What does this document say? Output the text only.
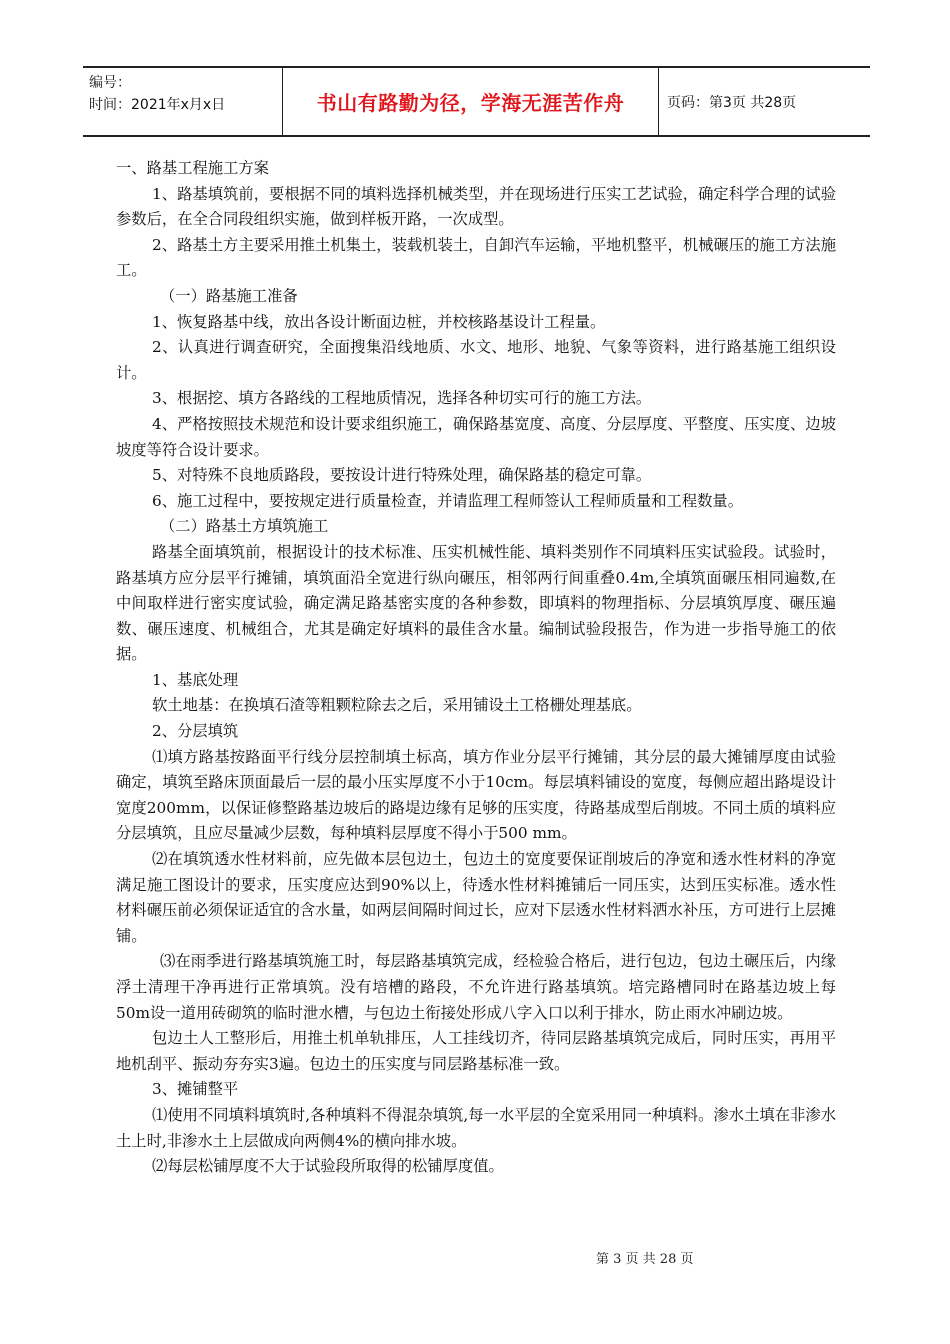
编号：
时间：2021年x月x日	书山有路勤为径，学海无涯苦作舟	页码：第3页 共28页

一、路基工程施工方案

1、路基填筑前，要根据不同的填料选择机械类型，并在现场进行压实工艺试验，确定科学合理的试验参数后，在全合同段组织实施，做到样板开路，一次成型。

2、路基土方主要采用推土机集土，装载机装土，自卸汽车运输，平地机整平，机械碾压的施工方法施工。

（一）路基施工准备

1、恢复路基中线，放出各设计断面边桩，并校核路基设计工程量。

2、认真进行调查研究，全面搜集沿线地质、水文、地形、地貌、气象等资料，进行路基施工组织设计。

3、根据挖、填方各路线的工程地质情况，选择各种切实可行的施工方法。

4、严格按照技术规范和设计要求组织施工，确保路基宽度、高度、分层厚度、平整度、压实度、边坡坡度等符合设计要求。

5、对特殊不良地质路段，要按设计进行特殊处理，确保路基的稳定可靠。

6、施工过程中，要按规定进行质量检查，并请监理工程师签认工程师质量和工程数量。

（二）路基土方填筑施工

路基全面填筑前，根据设计的技术标准、压实机械性能、填料类别作不同填料压实试验段。试验时，路基填方应分层平行摊铺，填筑面沿全宽进行纵向碾压，相邻两行间重叠0.4m,全填筑面碾压相同遍数,在中间取样进行密实度试验，确定满足路基密实度的各种参数，即填料的物理指标、分层填筑厚度、碾压遍数、碾压速度、机械组合，尤其是确定好填料的最佳含水量。编制试验段报告，作为进一步指导施工的依据。

1、基底处理

软土地基：在换填石渣等粗颗粒除去之后，采用铺设土工格栅处理基底。

2、分层填筑

⑴填方路基按路面平行线分层控制填土标高，填方作业分层平行摊铺，其分层的最大摊铺厚度由试验确定，填筑至路床顶面最后一层的最小压实厚度不小于10cm。每层填料铺设的宽度，每侧应超出路堤设计宽度200mm，以保证修整路基边坡后的路堤边缘有足够的压实度，待路基成型后削坡。不同土质的填料应分层填筑，且应尽量减少层数，每种填料层厚度不得小于500 mm。

⑵在填筑透水性材料前，应先做本层包边土，包边土的宽度要保证削坡后的净宽和透水性材料的净宽满足施工图设计的要求，压实度应达到90%以上，待透水性材料摊铺后一同压实，达到压实标准。透水性材料碾压前必须保证适宜的含水量，如两层间隔时间过长，应对下层透水性材料洒水补压，方可进行上层摊铺。

⑶在雨季进行路基填筑施工时，每层路基填筑完成，经检验合格后，进行包边，包边土碾压后，内缘浮土清理干净再进行正常填筑。没有培槽的路段，不允许进行路基填筑。培完路槽同时在路基边坡上每50m设一道用砖砌筑的临时泄水槽，与包边土衔接处形成八字入口以利于排水，防止雨水冲刷边坡。

包边土人工整形后，用推土机单轨排压，人工挂线切齐，待同层路基填筑完成后，同时压实，再用平地机刮平、振动夯夯实3遍。包边土的压实度与同层路基标准一致。

3、摊铺整平

⑴使用不同填料填筑时,各种填料不得混杂填筑,每一水平层的全宽采用同一种填料。渗水土填在非渗水土上时,非渗水土上层做成向两侧4%的横向排水坡。

⑵每层松铺厚度不大于试验段所取得的松铺厚度值。

第 3 页 共 28 页
